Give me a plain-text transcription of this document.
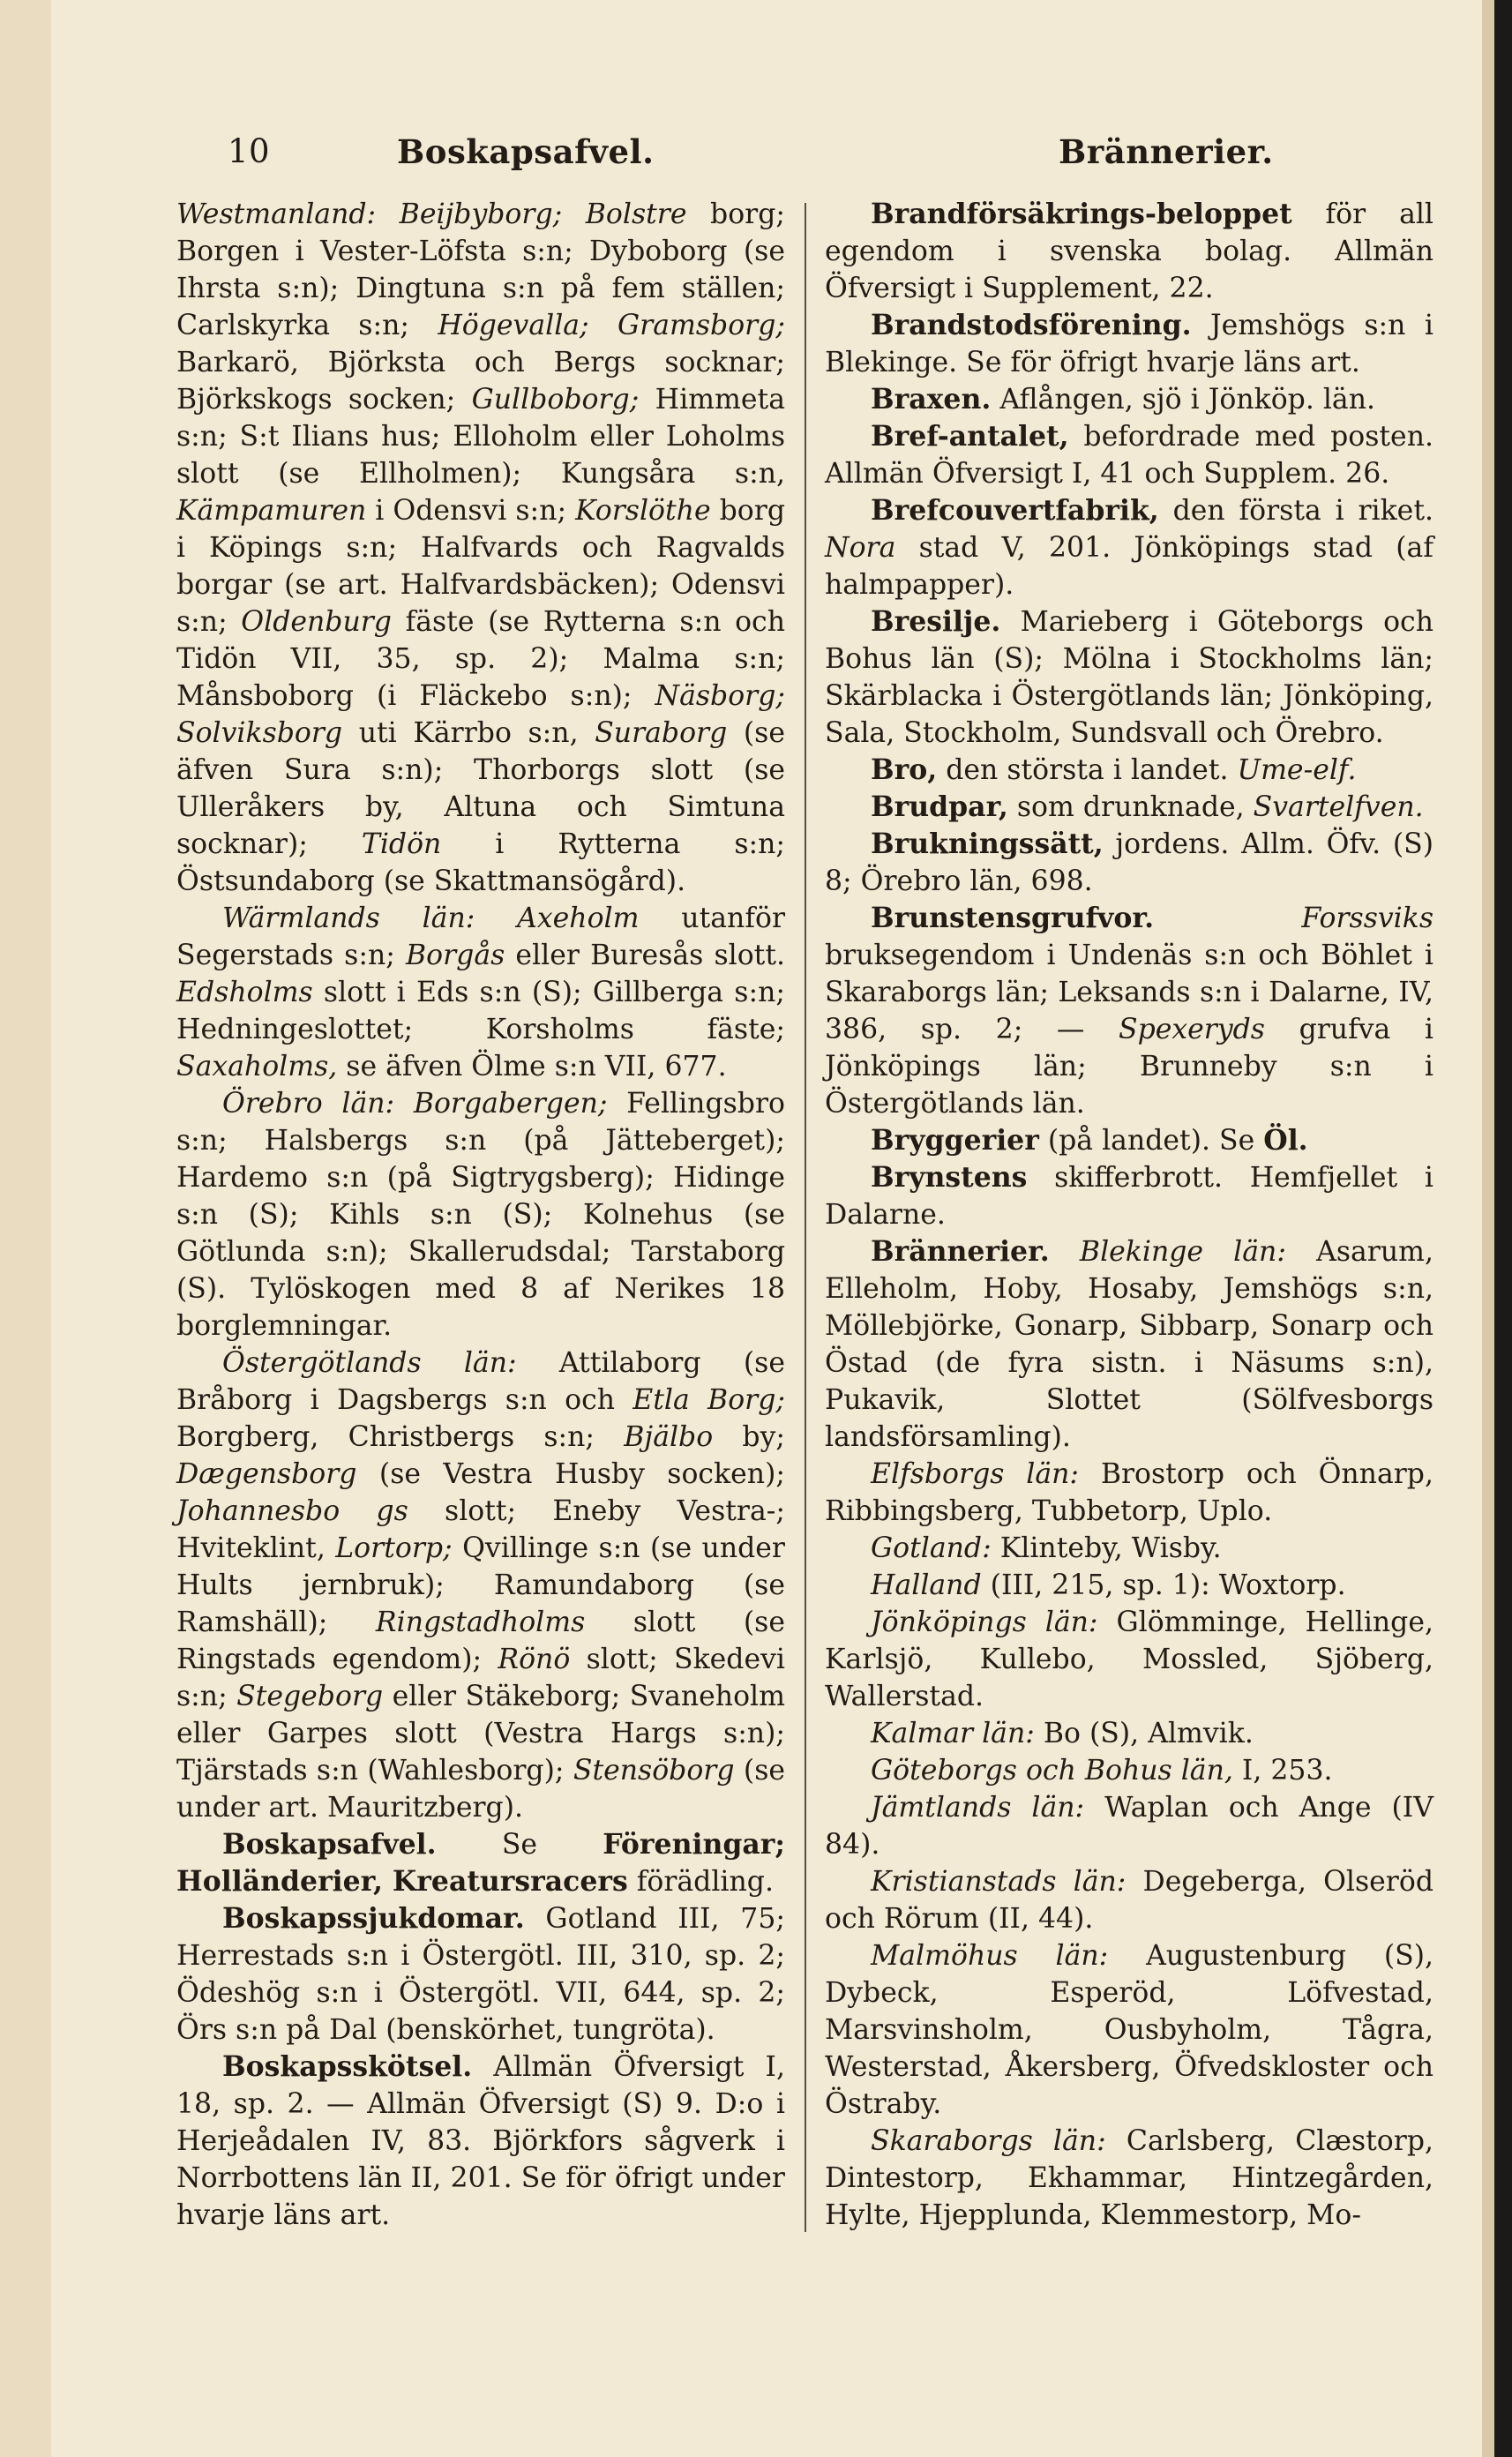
10	Boskapsafvel.	Brännerier.

Westmanland: Beijbyborg; Bolstre borg; Borgen i Vester-Löfsta s:n; Dyboborg (se Ihrsta s:n); Dingtuna s:n på fem ställen; Carlskyrka s:n; Högevalla; Gramsborg; Barkarö, Björksta och Bergs socknar; Björkskogs socken; Gullboborg; Himmeta s:n; S:t Ilians hus; Elloholm eller Loholms slott (se Ellholmen); Kungsåra s:n, Kämpamuren i Odensvi s:n; Korslöthe borg i Köpings s:n; Halfvards och Ragvalds borgar (se art. Halfvardsbäcken); Odensvi s:n; Oldenburg fäste (se Rytterna s:n och Tidön VII, 35, sp. 2); Malma s:n; Månsboborg (i Fläckebo s:n); Näsborg; Solviksborg uti Kärrbo s:n, Suraborg (se äfven Sura s:n); Thorborgs slott (se Ulleråkers by, Altuna och Simtuna socknar); Tidön i Rytterna s:n; Östsundaborg (se Skattmansögård).

Wärmlands län: Axeholm utanför Segerstads s:n; Borgås eller Buresås slott. Edsholms slott i Eds s:n (S); Gillberga s:n; Hedningeslottet; Korsholms fäste; Saxaholms, se äfven Ölme s:n VII, 677.

Örebro län: Borgabergen; Fellingsbro s:n; Halsbergs s:n (på Jätteberget); Hardemo s:n (på Sigtrygsberg); Hidinge s:n (S); Kihls s:n (S); Kolnehus (se Götlunda s:n); Skallerudsdal; Tarstaborg (S). Tylöskogen med 8 af Nerikes 18 borglemningar.

Östergötlands län: Attilaborg (se Bråborg i Dagsbergs s:n och Etla Borg; Borgberg, Christbergs s:n; Bjälbo by; Dægensborg (se Vestra Husby socken); Johannesbo gs slott; Eneby Vestra-; Hviteklint, Lortorp; Qvillinge s:n (se under Hults jernbruk); Ramundaborg (se Ramshäll); Ringstadholms slott (se Ringstads egendom); Rönö slott; Skedevi s:n; Stegeborg eller Stäkeborg; Svaneholm eller Garpes slott (Vestra Hargs s:n); Tjärstads s:n (Wahlesborg); Stensöborg (se under art. Mauritzberg).

Boskapsafvel. Se Föreningar; Holländerier, Kreatursracers förädling.

Boskapssjukdomar. Gotland III, 75; Herrestads s:n i Östergötl. III, 310, sp. 2; Ödeshög s:n i Östergötl. VII, 644, sp. 2; Örs s:n på Dal (benskörhet, tungröta).

Boskapsskötsel. Allmän Öfversigt I, 18, sp. 2. — Allmän Öfversigt (S) 9. D:o i Herjeådalen IV, 83. Björkfors sågverk i Norrbottens län II, 201. Se för öfrigt under hvarje läns art.

Brandförsäkrings-beloppet för all egendom i svenska bolag. Allmän Öfversigt i Supplement, 22.

Brandstodsförening. Jemshögs s:n i Blekinge. Se för öfrigt hvarje läns art.

Braxen. Aflången, sjö i Jönköp. län.

Bref-antalet, befordrade med posten. Allmän Öfversigt I, 41 och Supplem. 26.

Brefcouvertfabrik, den första i riket. Nora stad V, 201. Jönköpings stad (af halmpapper).

Bresilje. Marieberg i Göteborgs och Bohus län (S); Mölna i Stockholms län; Skärblacka i Östergötlands län; Jönköping, Sala, Stockholm, Sundsvall och Örebro.

Bro, den största i landet. Ume-elf.

Brudpar, som drunknade, Svartelfven.

Brukningssätt, jordens. Allm. Öfv. (S) 8; Örebro län, 698.

Brunstensgrufvor.	Forssviks bruksegendom i Undenäs s:n och Böhlet i Skaraborgs län; Leksands s:n i Dalarne, IV, 386, sp. 2; — Spexeryds grufva i Jönköpings län; Brunneby s:n i Östergötlands län.

Bryggerier (på landet). Se Öl.

Brynstens skifferbrott. Hemfjellet i Dalarne.

Brännerier. Blekinge län: Asarum, Elleholm, Hoby, Hosaby, Jemshögs s:n, Möllebjörke, Gonarp, Sibbarp, Sonarp och Östad (de fyra sistn. i Näsums s:n), Pukavik, Slottet (Sölfvesborgs landsförsamling).

Elfsborgs län: Brostorp och Önnarp, Ribbingsberg, Tubbetorp, Uplo.

Gotland: Klinteby, Wisby.

Halland (III, 215, sp. 1): Woxtorp.

Jönköpings län: Glömminge, Hellinge, Karlsjö, Kullebo, Mossled, Sjöberg, Wallerstad.

Kalmar län: Bo (S), Almvik.

Göteborgs och Bohus län, I, 253.

Jämtlands län: Waplan och Ange (IV 84).

Kristianstads län: Degeberga, Olseröd och Rörum (II, 44).

Malmöhus län: Augustenburg (S), Dybeck, Esperöd, Löfvestad, Marsvinsholm, Ousbyholm, Tågra, Westerstad, Åkersberg, Öfvedskloster och Östraby.

Skaraborgs län: Carlsberg, Clæstorp, Dintestorp, Ekhammar, Hintzegården, Hylte, Hjepplunda, Klemmestorp, Mo-
